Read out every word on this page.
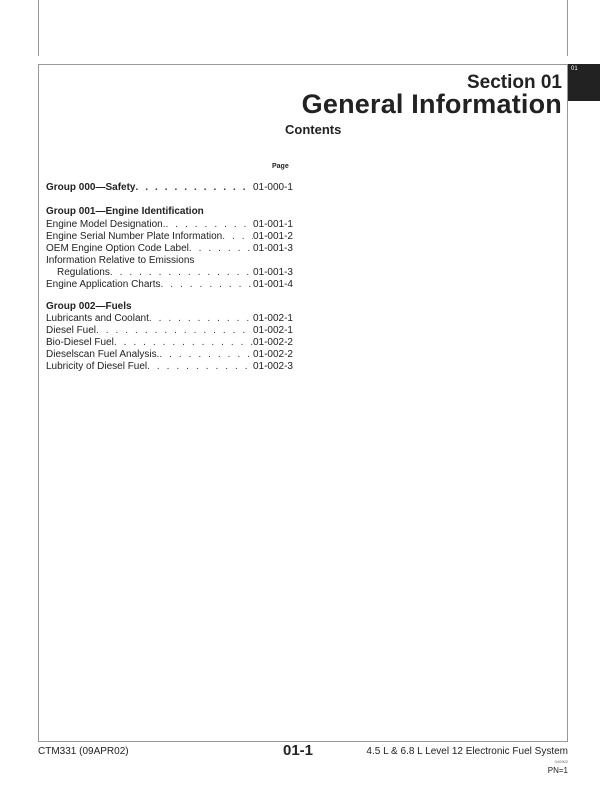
01
Section 01
General Information
Contents
Page
Group 000—Safety . . .	01-000-1
Group 001—Engine Identification
Engine Model Designation. . . .	01-001-1
Engine Serial Number Plate Information . . .	01-001-2
OEM Engine Option Code Label . . .	01-001-3
Information Relative to Emissions
Regulations . . .	01-001-3
Engine Application Charts . . .	01-001-4
Group 002—Fuels
Lubricants and Coolant . . .	01-002-1
Diesel Fuel . . .	01-002-1
Bio-Diesel Fuel . . .	01-002-2
Dieselscan Fuel Analysis. . . .	01-002-2
Lubricity of Diesel Fuel . . .	01-002-3
CTM331 (09APR02)	01-1	4.5 L & 6.8 L Level 12 Electronic Fuel System
040902
PN=1
